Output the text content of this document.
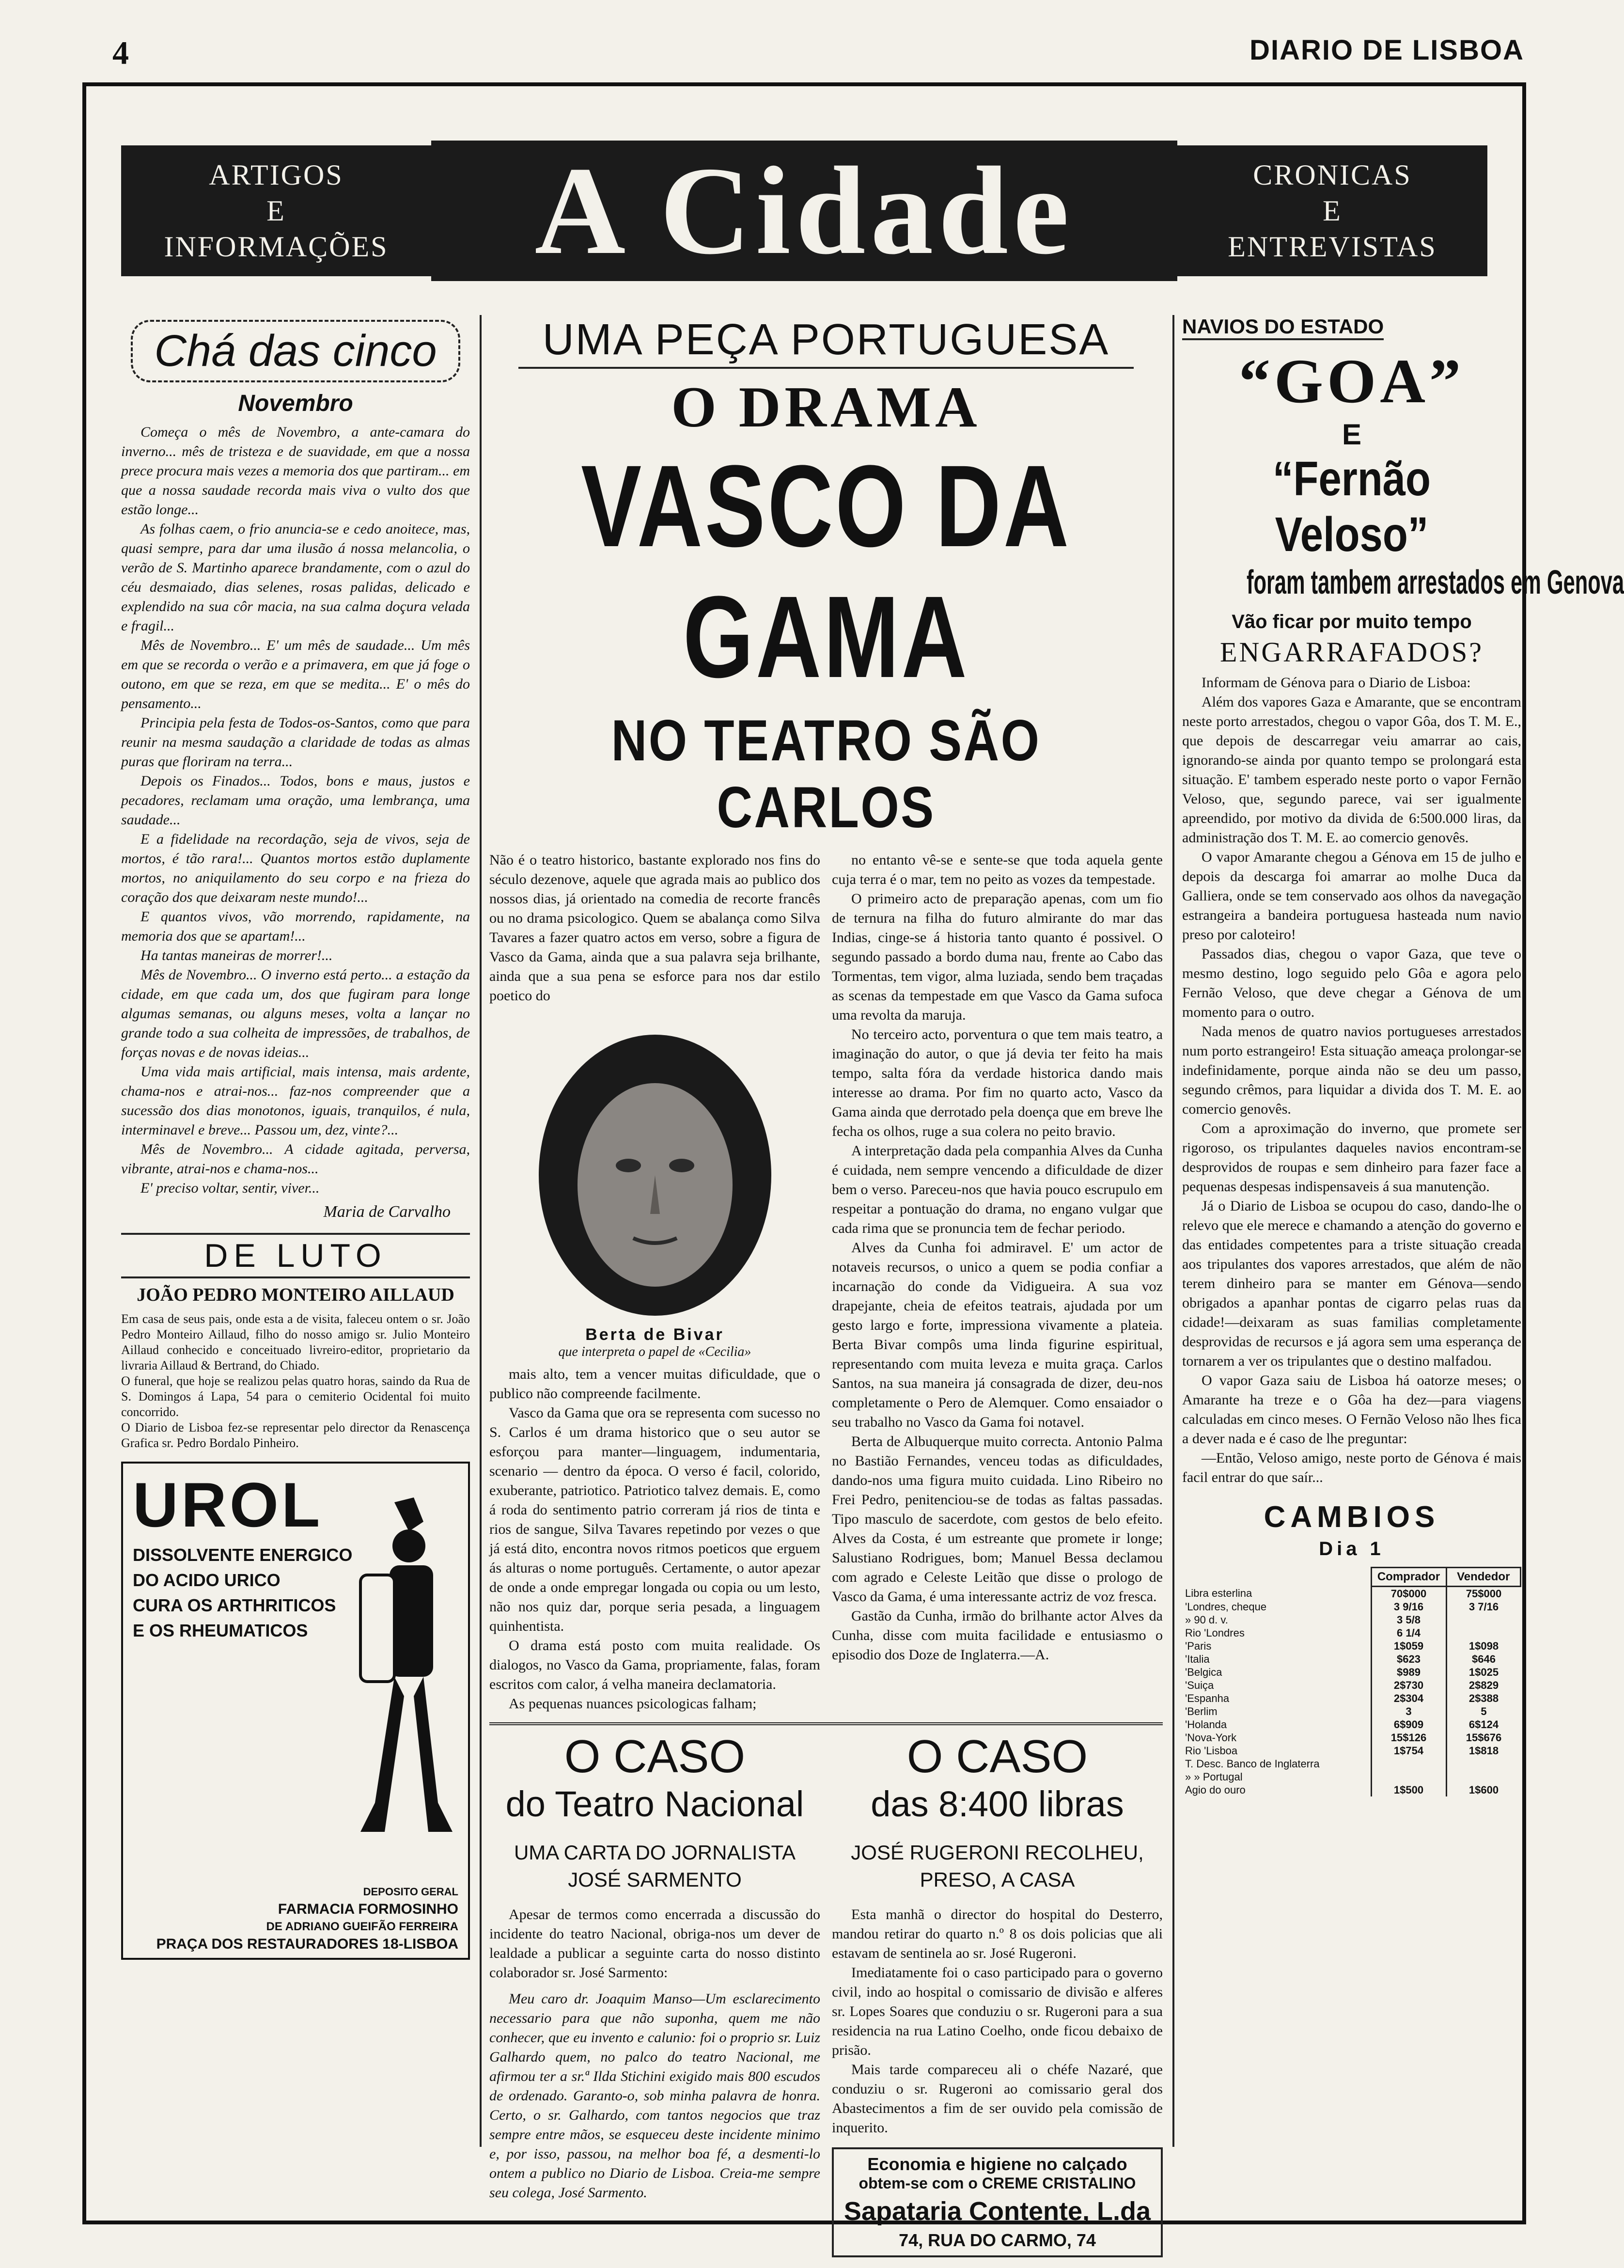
4	DIARIO DE LISBOA
ARTIGOS
E
INFORMAÇÕES	A Cidade	CRONICAS
E
ENTREVISTAS
Chá das cinco
Novembro

Começa o mês de Novembro, a ante-camara do inverno... mês de tristeza e de suavidade, em que a nossa prece procura mais vezes a memoria dos que partiram... em que a nossa saudade recorda mais viva o vulto dos que estão longe...

As folhas caem, o frio anuncia-se e cedo anoitece, mas, quasi sempre, para dar uma ilusão á nossa melancolia, o verão de S. Martinho aparece brandamente, com o azul do céu desmaiado, dias selenes, rosas palidas, delicado e explendido na sua côr macia, na sua calma doçura velada e fragil...

Mês de Novembro... E' um mês de saudade... Um mês em que se recorda o verão e a primavera, em que já foge o outono, em que se reza, em que se medita... E' o mês do pensamento...

Principia pela festa de Todos-os-Santos, como que para reunir na mesma saudação a claridade de todas as almas puras que floriram na terra...

Depois os Finados... Todos, bons e maus, justos e pecadores, reclamam uma oração, uma lembrança, uma saudade...

E a fidelidade na recordação, seja de vivos, seja de mortos, é tão rara!... Quantos mortos estão duplamente mortos, no aniquilamento do seu corpo e na frieza do coração dos que deixaram neste mundo!...

E quantos vivos, vão morrendo, rapidamente, na memoria dos que se apartam!...

Ha tantas maneiras de morrer!...

Mês de Novembro... O inverno está perto... a estação da cidade, em que cada um, dos que fugiram para longe algumas semanas, ou alguns meses, volta a lançar no grande todo a sua colheita de impressões, de trabalhos, de forças novas e de novas ideias...

Uma vida mais artificial, mais intensa, mais ardente, chama-nos e atrai-nos... faz-nos compreender que a sucessão dos dias monotonos, iguais, tranquilos, é nula, interminavel e breve... Passou um, dez, vinte?...

Mês de Novembro... A cidade agitada, perversa, vibrante, atrai-nos e chama-nos...

E' preciso voltar, sentir, viver...

Maria de Carvalho
DE LUTO
JOÃO PEDRO MONTEIRO AILLAUD

Em casa de seus pais, onde esta a de visita, faleceu ontem o sr. João Pedro Monteiro Aillaud, filho do nosso amigo sr. Julio Monteiro Aillaud conhecido e conceituado livreiro-editor, proprietario da livraria Aillaud & Bertrand, do Chiado.

O funeral, que hoje se realizou pelas quatro horas, saindo da Rua de S. Domingos á Lapa, 54 para o cemiterio Ocidental foi muito concorrido.

O Diario de Lisboa fez-se representar pelo director da Renascença Grafica sr. Pedro Bordalo Pinheiro.

UROL
DISSOLVENTE ENERGICO
DO ACIDO URICO
CURA OS ARTHRITICOS
E OS RHEUMATICOS
DEPOSITO GERAL
FARMACIA FORMOSINHO
DE ADRIANO GUEIFÃO FERREIRA
PRAÇA DOS RESTAURADORES 18-LISBOA
UMA PEÇA PORTUGUESA
O DRAMA
VASCO DA GAMA
NO TEATRO SÃO CARLOS

Não é o teatro historico, bastante explorado nos fins do século dezenove, aquele que agrada mais ao publico dos nossos dias, já orientado na comedia de recorte francês ou no drama psicologico. Quem se abalança como Silva Tavares a fazer quatro actos em verso, sobre a figura de Vasco da Gama, ainda que a sua palavra seja brilhante, ainda que a sua pena se esforce para nos dar estilo poetico do

Berta de Bivar

que interpreta o papel de «Cecilia»

mais alto, tem a vencer muitas dificuldade, que o publico não compreende facilmente.

Vasco da Gama que ora se representa com sucesso no S. Carlos é um drama historico que o seu autor se esforçou para manter—linguagem, indumentaria, scenario — dentro da época. O verso é facil, colorido, exuberante, patriotico. Patriotico talvez demais. E, como á roda do sentimento patrio correram já rios de tinta e rios de sangue, Silva Tavares repetindo por vezes o que já está dito, encontra novos ritmos poeticos que erguem ás alturas o nome português. Certamente, o autor apezar de onde a onde empregar longada ou copia ou um lesto, não nos quiz dar, porque seria pesada, a linguagem quinhentista.

O drama está posto com muita realidade. Os dialogos, no Vasco da Gama, propriamente, falas, foram escritos com calor, á velha maneira declamatoria.

As pequenas nuances psicologicas falham;

no entanto vê-se e sente-se que toda aquela gente cuja terra é o mar, tem no peito as vozes da tempestade.

O primeiro acto de preparação apenas, com um fio de ternura na filha do futuro almirante do mar das Indias, cinge-se á historia tanto quanto é possivel. O segundo passado a bordo duma nau, frente ao Cabo das Tormentas, tem vigor, alma luziada, sendo bem traçadas as scenas da tempestade em que Vasco da Gama sufoca uma revolta da maruja.

No terceiro acto, porventura o que tem mais teatro, a imaginação do autor, o que já devia ter feito ha mais tempo, salta fóra da verdade historica dando mais interesse ao drama. Por fim no quarto acto, Vasco da Gama ainda que derrotado pela doença que em breve lhe fecha os olhos, ruge a sua colera no peito bravio.

A interpretação dada pela companhia Alves da Cunha é cuidada, nem sempre vencendo a dificuldade de dizer bem o verso. Pareceu-nos que havia pouco escrupulo em respeitar a pontuação do drama, no engano vulgar que cada rima que se pronuncia tem de fechar periodo.

Alves da Cunha foi admiravel. E' um actor de notaveis recursos, o unico a quem se podia confiar a incarnação do conde da Vidigueira. A sua voz drapejante, cheia de efeitos teatrais, ajudada por um gesto largo e forte, impressiona vivamente a plateia. Berta Bivar compôs uma linda figurine espiritual, representando com muita leveza e muita graça. Carlos Santos, na sua maneira já consagrada de dizer, deu-nos completamente o Pero de Alemquer. Como ensaiador o seu trabalho no Vasco da Gama foi notavel.

Berta de Albuquerque muito correcta. Antonio Palma no Bastião Fernandes, venceu todas as dificuldades, dando-nos uma figura muito cuidada. Lino Ribeiro no Frei Pedro, penitenciou-se de todas as faltas passadas. Tipo masculo de sacerdote, com gestos de belo efeito. Alves da Costa, é um estreante que promete ir longe; Salustiano Rodrigues, bom; Manuel Bessa declamou com agrado e Celeste Leitão que disse o prologo de Vasco da Gama, é uma interessante actriz de voz fresca.

Gastão da Cunha, irmão do brilhante actor Alves da Cunha, disse com muita facilidade e entusiasmo o episodio dos Doze de Inglaterra.—A.

O CASO
do Teatro Nacional
UMA CARTA DO JORNALISTA JOSÉ SARMENTO

Apesar de termos como encerrada a discussão do incidente do teatro Nacional, obriga-nos um dever de lealdade a publicar a seguinte carta do nosso distinto colaborador sr. José Sarmento:

Meu caro dr. Joaquim Manso—Um esclarecimento necessario para que não suponha, quem me não conhecer, que eu invento e calunio: foi o proprio sr. Luiz Galhardo quem, no palco do teatro Nacional, me afirmou ter a sr.ª Ilda Stichini exigido mais 800 escudos de ordenado. Garanto-o, sob minha palavra de honra. Certo, o sr. Galhardo, com tantos negocios que traz sempre entre mãos, se esqueceu deste incidente minimo e, por isso, passou, na melhor boa fé, a desmenti-lo ontem a publico no Diario de Lisboa. Creia-me sempre seu colega, José Sarmento.

O CASO
das 8:400 libras
JOSÉ RUGERONI RECOLHEU, PRESO, A CASA

Esta manhã o director do hospital do Desterro, mandou retirar do quarto n.º 8 os dois policias que ali estavam de sentinela ao sr. José Rugeroni.

Imediatamente foi o caso participado para o governo civil, indo ao hospital o comissario de divisão e alferes sr. Lopes Soares que conduziu o sr. Rugeroni para a sua residencia na rua Latino Coelho, onde ficou debaixo de prisão.

Mais tarde compareceu ali o chéfe Nazaré, que conduziu o sr. Rugeroni ao comissario geral dos Abastecimentos a fim de ser ouvido pela comissão de inquerito.

Economia e higiene no calçado
obtem-se com o CREME CRISTALINO
Sapataria Contente, L.da
74, RUA DO CARMO, 74
NAVIOS DO ESTADO
“GOA”
E
“Fernão Veloso”
foram tambem arrestados em Genova
Vão ficar por muito tempo
ENGARRAFADOS?

Informam de Génova para o Diario de Lisboa:

Além dos vapores Gaza e Amarante, que se encontram neste porto arrestados, chegou o vapor Gôa, dos T. M. E., que depois de descarregar veiu amarrar ao cais, ignorando-se ainda por quanto tempo se prolongará esta situação. E' tambem esperado neste porto o vapor Fernão Veloso, que, segundo parece, vai ser igualmente apreendido, por motivo da divida de 6:500.000 liras, da administração dos T. M. E. ao comercio genovês.

O vapor Amarante chegou a Génova em 15 de julho e depois da descarga foi amarrar ao molhe Duca da Galliera, onde se tem conservado aos olhos da navegação estrangeira a bandeira portuguesa hasteada num navio preso por caloteiro!

Passados dias, chegou o vapor Gaza, que teve o mesmo destino, logo seguido pelo Gôa e agora pelo Fernão Veloso, que deve chegar a Génova de um momento para o outro.

Nada menos de quatro navios portugueses arrestados num porto estrangeiro! Esta situação ameaça prolongar-se indefinidamente, porque ainda não se deu um passo, segundo crêmos, para liquidar a divida dos T. M. E. ao comercio genovês.

Com a aproximação do inverno, que promete ser rigoroso, os tripulantes daqueles navios encontram-se desprovidos de roupas e sem dinheiro para fazer face a pequenas despesas indispensaveis á sua manutenção.

Já o Diario de Lisboa se ocupou do caso, dando-lhe o relevo que ele merece e chamando a atenção do governo e das entidades competentes para a triste situação creada aos tripulantes dos vapores arrestados, que além de não terem dinheiro para se manter em Génova—sendo obrigados a apanhar pontas de cigarro pelas ruas da cidade!—deixaram as suas familias completamente desprovidas de recursos e já agora sem uma esperança de tornarem a ver os tripulantes que o destino malfadou.

O vapor Gaza saiu de Lisboa há oatorze meses; o Amarante ha treze e o Gôa ha dez—para viagens calculadas em cinco meses. O Fernão Veloso não lhes fica a dever nada e é caso de lhe preguntar:

—Então, Veloso amigo, neste porto de Génova é mais facil entrar do que saír...

CAMBIOS
Dia 1
	Comprador	Vendedor
Libra esterlina	70$000	75$000
'Londres, cheque	3 9/16	3 7/16
» 90 d. v.	3 5/8	
Rio 'Londres	6 1/4	
'Paris	1$059	1$098
'Italia	$623	$646
'Belgica	$989	1$025
'Suiça	2$730	2$829
'Espanha	2$304	2$388
'Berlim	3	5
'Holanda	6$909	6$124
'Nova-York	15$126	15$676
Rio 'Lisboa	1$754	1$818
T. Desc. Banco de Inglaterra		
» » Portugal		
Agio do ouro	1$500	1$600
